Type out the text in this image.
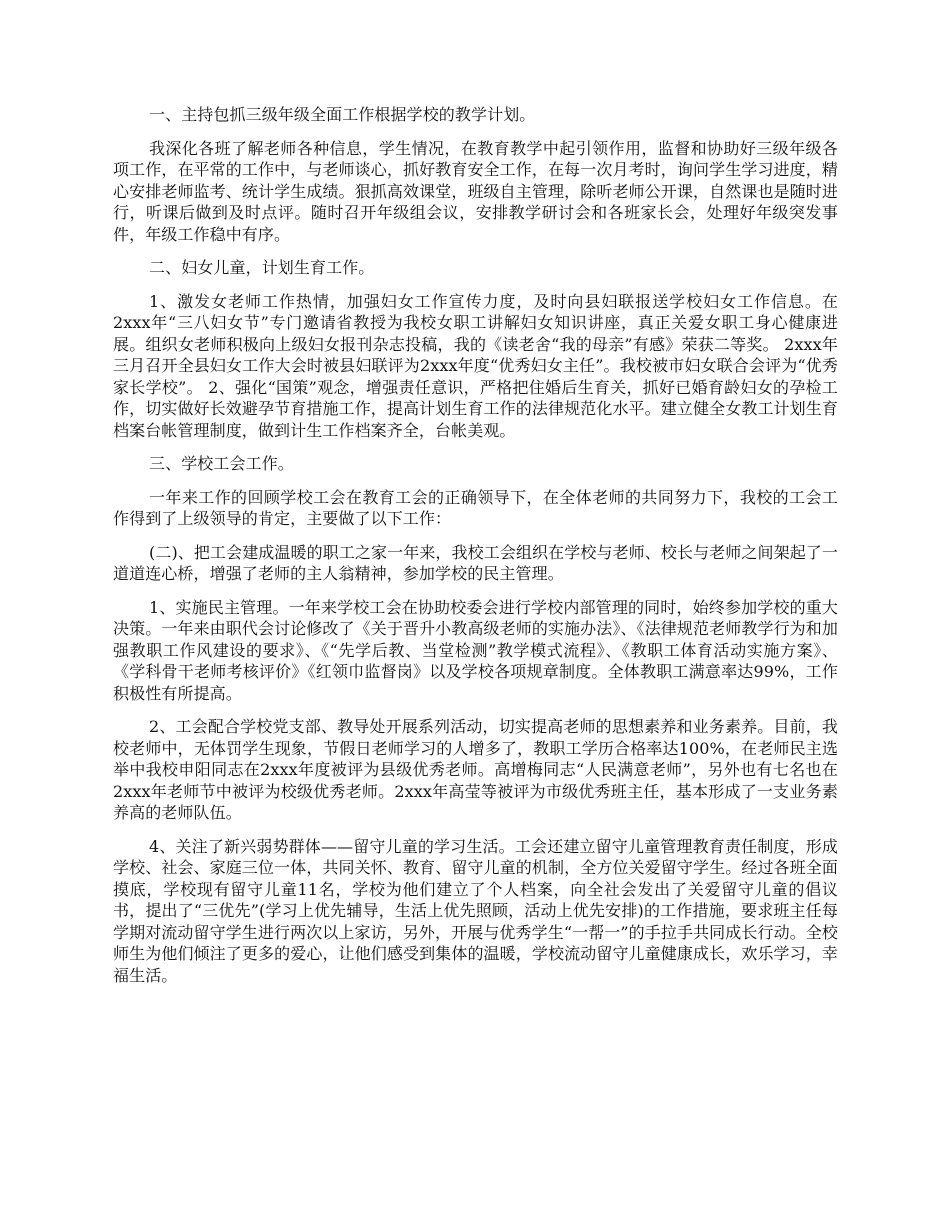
一、主持包抓三级年级全面工作根据学校的教学计划。

我深化各班了解老师各种信息，学生情况，在教育教学中起引领作用，监督和协助好三级年级各项工作，在平常的工作中，与老师谈心，抓好教育安全工作，在每一次月考时，询问学生学习进度，精心安排老师监考、统计学生成绩。狠抓高效课堂，班级自主管理，除听老师公开课，自然课也是随时进行，听课后做到及时点评。随时召开年级组会议，安排教学研讨会和各班家长会，处理好年级突发事件，年级工作稳中有序。

二、妇女儿童，计划生育工作。

1、激发女老师工作热情，加强妇女工作宣传力度，及时向县妇联报送学校妇女工作信息。在2xxx年“三八妇女节”专门邀请省教授为我校女职工讲解妇女知识讲座，真正关爱女职工身心健康进展。组织女老师积极向上级妇女报刊杂志投稿，我的《读老舍“我的母亲”有感》荣获二等奖。 2xxx年三月召开全县妇女工作大会时被县妇联评为2xxx年度“优秀妇女主任”。我校被市妇女联合会评为“优秀家长学校”。 2、强化“国策”观念，增强责任意识，严格把住婚后生育关，抓好已婚育龄妇女的孕检工作，切实做好长效避孕节育措施工作，提高计划生育工作的法律规范化水平。建立健全女教工计划生育档案台帐管理制度，做到计生工作档案齐全，台帐美观。

三、学校工会工作。

一年来工作的回顾学校工会在教育工会的正确领导下，在全体老师的共同努力下，我校的工会工作得到了上级领导的肯定，主要做了以下工作：

(二)、把工会建成温暖的职工之家一年来，我校工会组织在学校与老师、校长与老师之间架起了一道道连心桥，增强了老师的主人翁精神，参加学校的民主管理。

1、实施民主管理。一年来学校工会在协助校委会进行学校内部管理的同时，始终参加学校的重大决策。一年来由职代会讨论修改了《关于晋升小教高级老师的实施办法》、《法律规范老师教学行为和加强教职工作风建设的要求》、《“先学后教、当堂检测”教学模式流程》、《教职工体育活动实施方案》、《学科骨干老师考核评价》《红领巾监督岗》以及学校各项规章制度。全体教职工满意率达99%，工作积极性有所提高。

2、工会配合学校党支部、教导处开展系列活动，切实提高老师的思想素养和业务素养。目前，我校老师中，无体罚学生现象，节假日老师学习的人增多了，教职工学历合格率达100%，在老师民主选举中我校申阳同志在2xxx年度被评为县级优秀老师。高增梅同志“人民满意老师”，另外也有七名也在2xxx年老师节中被评为校级优秀老师。2xxx年高莹等被评为市级优秀班主任，基本形成了一支业务素养高的老师队伍。

4、关注了新兴弱势群体——留守儿童的学习生活。工会还建立留守儿童管理教育责任制度，形成学校、社会、家庭三位一体，共同关怀、教育、留守儿童的机制，全方位关爱留守学生。经过各班全面摸底，学校现有留守儿童11名，学校为他们建立了个人档案，向全社会发出了关爱留守儿童的倡议书，提出了“三优先”(学习上优先辅导，生活上优先照顾，活动上优先安排)的工作措施，要求班主任每学期对流动留守学生进行两次以上家访，另外，开展与优秀学生“一帮一”的手拉手共同成长行动。全校师生为他们倾注了更多的爱心，让他们感受到集体的温暖，学校流动留守儿童健康成长，欢乐学习，幸福生活。
